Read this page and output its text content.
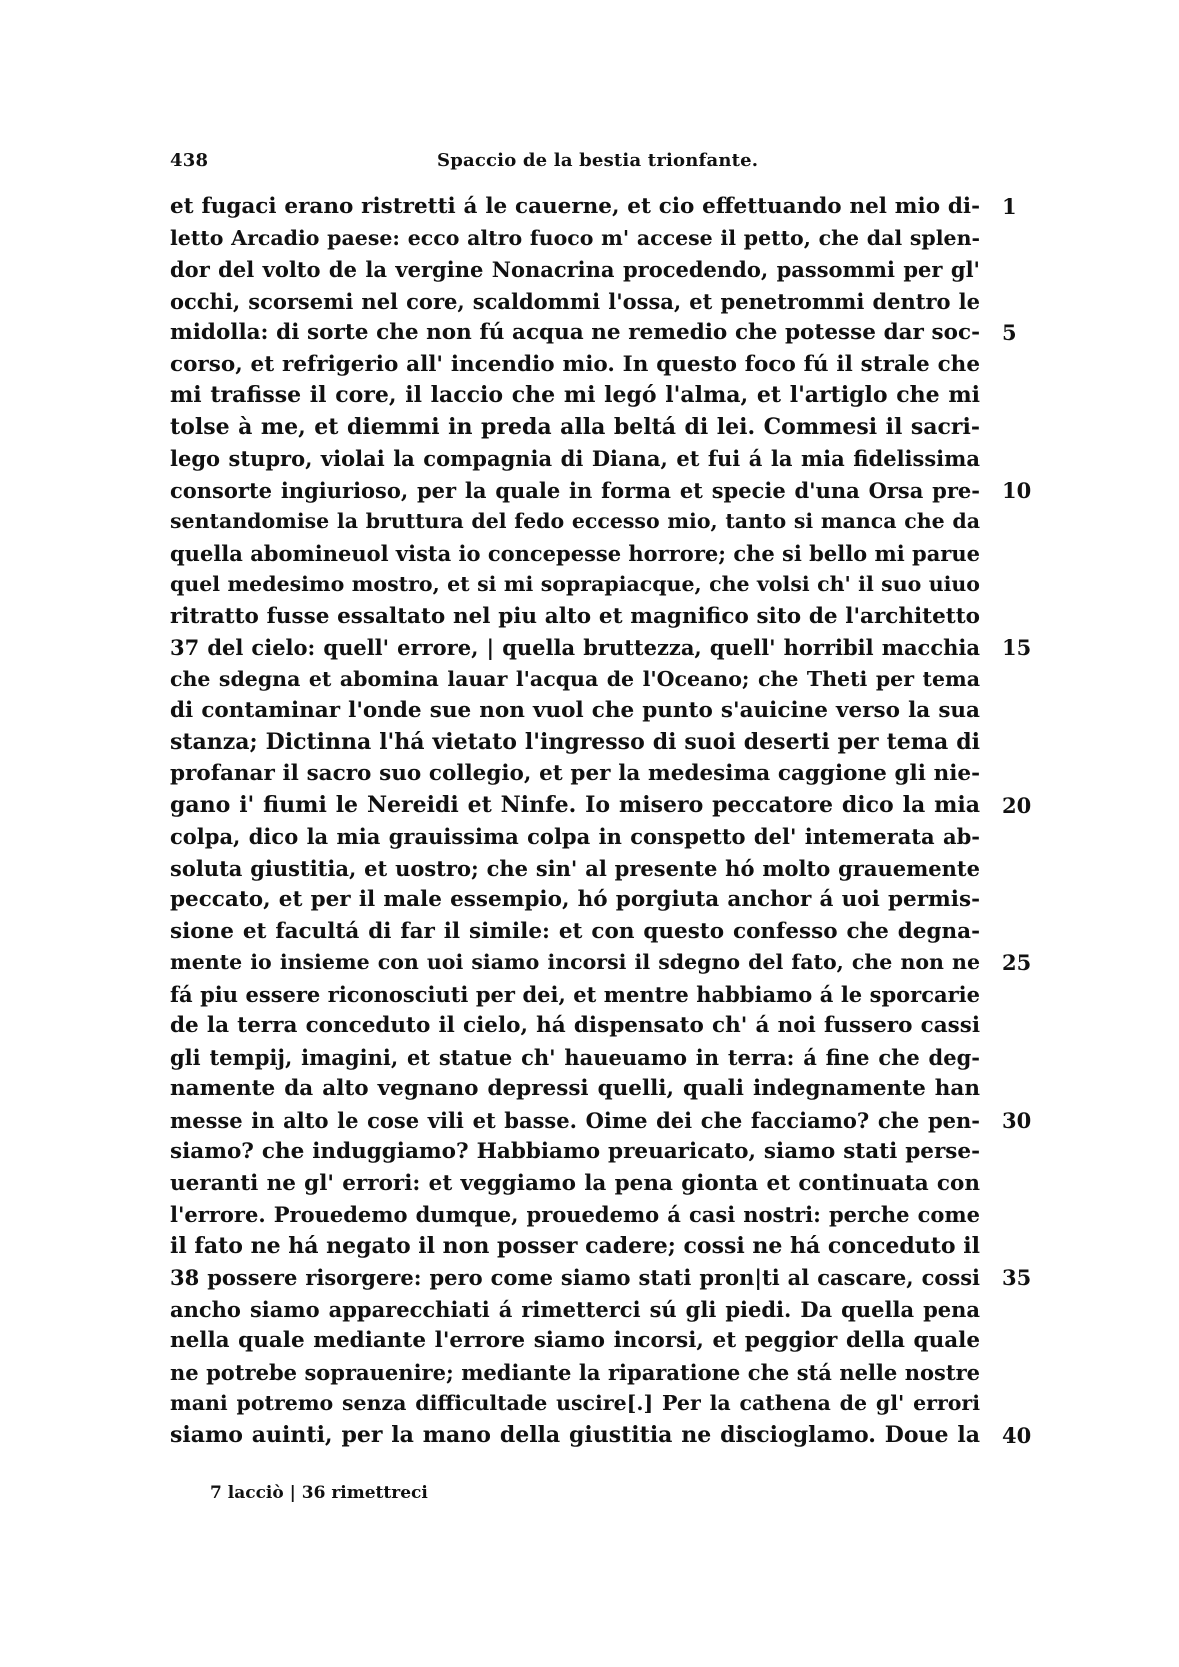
438	Spaccio de la bestia trionfante.
et fugaci erano ristretti á le cauerne, et cio effettuando nel mio di- 1
letto Arcadio paese: ecco altro fuoco m' accese il petto, che dal splen-
dor del volto de la vergine Nonacrina procedendo, passommi per gl'
occhi, scorsemi nel core, scaldommi l'ossa, et penetrommi dentro le
midolla: di sorte che non fú acqua ne remedio che potesse dar soc- 5
corso, et refrigerio all' incendio mio. In questo foco fú il strale che
mi trafisse il core, il laccio che mi legó l'alma, et l'artiglo che mi
tolse à me, et diemmi in preda alla beltá di lei. Commesi il sacri-
lego stupro, violai la compagnia di Diana, et fui á la mia fidelissima
consorte ingiurioso, per la quale in forma et specie d'una Orsa pre- 10
sentandomise la bruttura del fedo eccesso mio, tanto si manca che da
quella abomineuol vista io concepesse horrore; che si bello mi parue
quel medesimo mostro, et si mi soprapiacque, che volsi ch' il suo uiuo
ritratto fusse essaltato nel piu alto et magnifico sito de l'architetto
37 del cielo: quell' errore, | quella bruttezza, quell' horribil macchia 15
che sdegna et abomina lauar l'acqua de l'Oceano; che Theti per tema
di contaminar l'onde sue non vuol che punto s'auicine verso la sua
stanza; Dictinna l'há vietato l'ingresso di suoi deserti per tema di
profanar il sacro suo collegio, et per la medesima caggione gli nie-
gano i' fiumi le Nereidi et Ninfe. Io misero peccatore dico la mia 20
colpa, dico la mia grauissima colpa in conspetto del' intemerata ab-
soluta giustitia, et uostro; che sin' al presente hó molto grauemente
peccato, et per il male essempio, hó porgiuta anchor á uoi permis-
sione et facultá di far il simile: et con questo confesso che degna-
mente io insieme con uoi siamo incorsi il sdegno del fato, che non ne 25
fá piu essere riconosciuti per dei, et mentre habbiamo á le sporcarie
de la terra conceduto il cielo, há dispensato ch' á noi fussero cassi
gli tempij, imagini, et statue ch' haueuamo in terra: á fine che deg-
namente da alto vegnano depressi quelli, quali indegnamente han
messe in alto le cose vili et basse. Oime dei che facciamo? che pen- 30
siamo? che induggiamo? Habbiamo preuaricato, siamo stati perse-
ueranti ne gl' errori: et veggiamo la pena gionta et continuata con
l'errore. Prouedemo dumque, prouedemo á casi nostri: perche come
il fato ne há negato il non posser cadere; cossi ne há conceduto il
38 possere risorgere: pero come siamo stati pron|ti al cascare, cossi 35
ancho siamo apparecchiati á rimetterci sú gli piedi. Da quella pena
nella quale mediante l'errore siamo incorsi, et peggior della quale
ne potrebe soprauenire; mediante la riparatione che stá nelle nostre
mani potremo senza difficultade uscire[.] Per la cathena de gl' errori
siamo auinti, per la mano della giustitia ne discioglamo. Doue la 40
7 lacciò | 36 rimettreci
